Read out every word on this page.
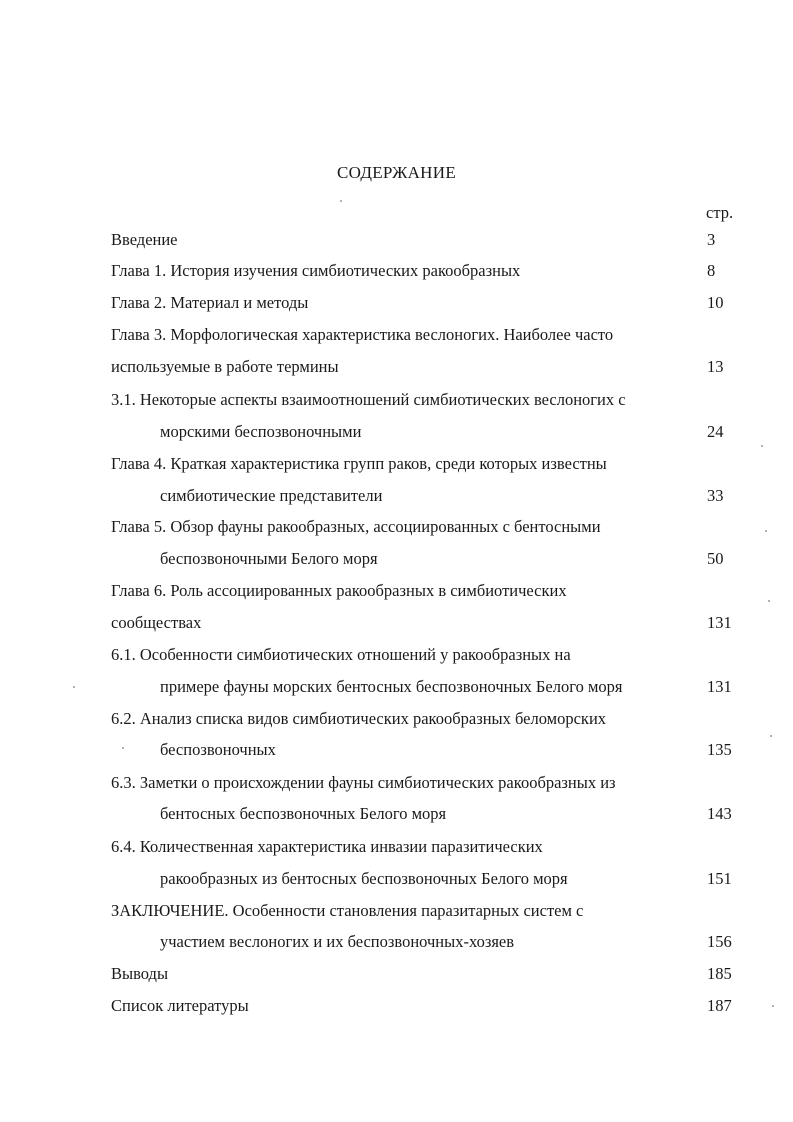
СОДЕРЖАНИЕ
стр.
Введение	3
Глава 1. История изучения симбиотических ракообразных	8
Глава 2. Материал и методы	10
Глава 3. Морфологическая характеристика веслоногих. Наиболее часто
используемые в работе термины	13
3.1. Некоторые аспекты взаимоотношений симбиотических веслоногих с
морскими беспозвоночными	24
Глава 4. Краткая характеристика групп раков, среди которых известны
симбиотические представители	33
Глава 5. Обзор фауны ракообразных, ассоциированных с бентосными
беспозвоночными Белого моря	50
Глава 6. Роль ассоциированных ракообразных в симбиотических
сообществах	131
6.1. Особенности симбиотических отношений у ракообразных на
примере фауны морских бентосных беспозвоночных Белого моря	131
6.2. Анализ списка видов симбиотических ракообразных беломорских
беспозвоночных	135
6.3. Заметки о происхождении фауны симбиотических ракообразных из
бентосных беспозвоночных Белого моря	143
6.4. Количественная характеристика инвазии паразитических
ракообразных из бентосных беспозвоночных Белого моря	151
ЗАКЛЮЧЕНИЕ. Особенности становления паразитарных систем с
участием веслоногих и их беспозвоночных-хозяев	156
Выводы	185
Список литературы	187
